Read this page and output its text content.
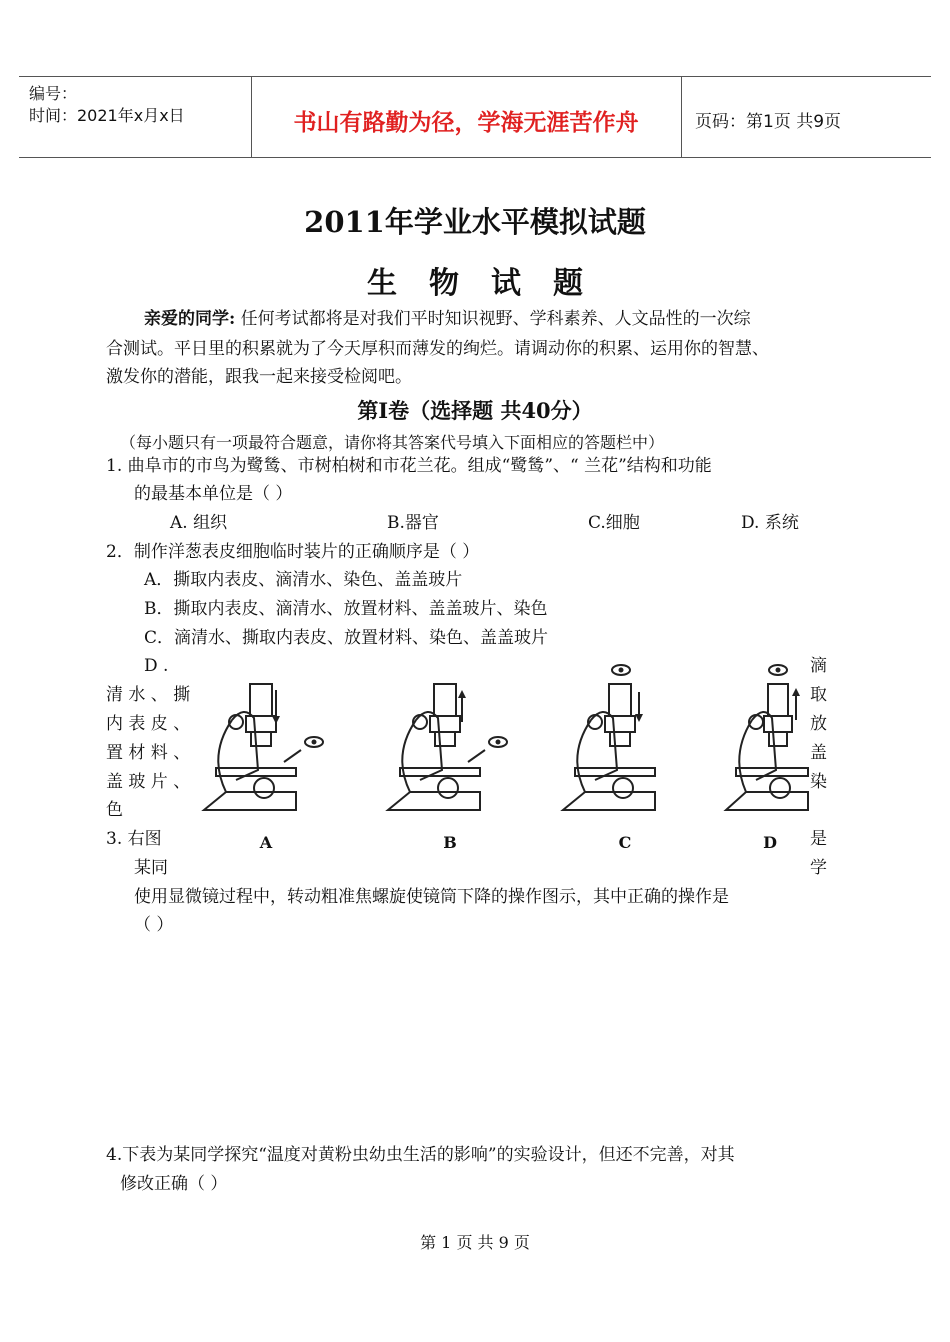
编号：
时间：2021年x月x日	书山有路勤为径，学海无涯苦作舟	页码：第1页 共9页
2011年学业水平模拟试题
生物试题
亲爱的同学: 任何考试都将是对我们平时知识视野、学科素养、人文品性的一次综
合测试。平日里的积累就为了今天厚积而薄发的绚烂。请调动你的积累、运用你的智慧、
激发你的潜能，跟我一起来接受检阅吧。
第Ⅰ卷（选择题 共40分）
（每小题只有一项最符合题意，请你将其答案代号填入下面相应的答题栏中）
1. 曲阜市的市鸟为鹭鸶、市树柏树和市花兰花。组成“鹭鸶”、“ 兰花”结构和功能
的最基本单位是（ ）
A. 组织	B.器官	C.细胞	D. 系统
2．制作洋葱表皮细胞临时装片的正确顺序是（ ）
A．撕取内表皮、滴清水、染色、盖盖玻片
B．撕取内表皮、滴清水、放置材料、盖盖玻片、染色
C．滴清水、撕取内表皮、放置材料、染色、盖盖玻片
D .
清 水 、 撕
内 表 皮 、
置 材 料 、
盖 玻 片 、
色
滴
取
放
盖
染
A	B	C	D
3. 右图	是
某同	学
使用显微镜过程中，转动粗准焦螺旋使镜筒下降的操作图示，其中正确的操作是
（ ）
4.下表为某同学探究“温度对黄粉虫幼虫生活的影响”的实验设计，但还不完善，对其
修改正确（ ）
第 1 页 共 9 页
